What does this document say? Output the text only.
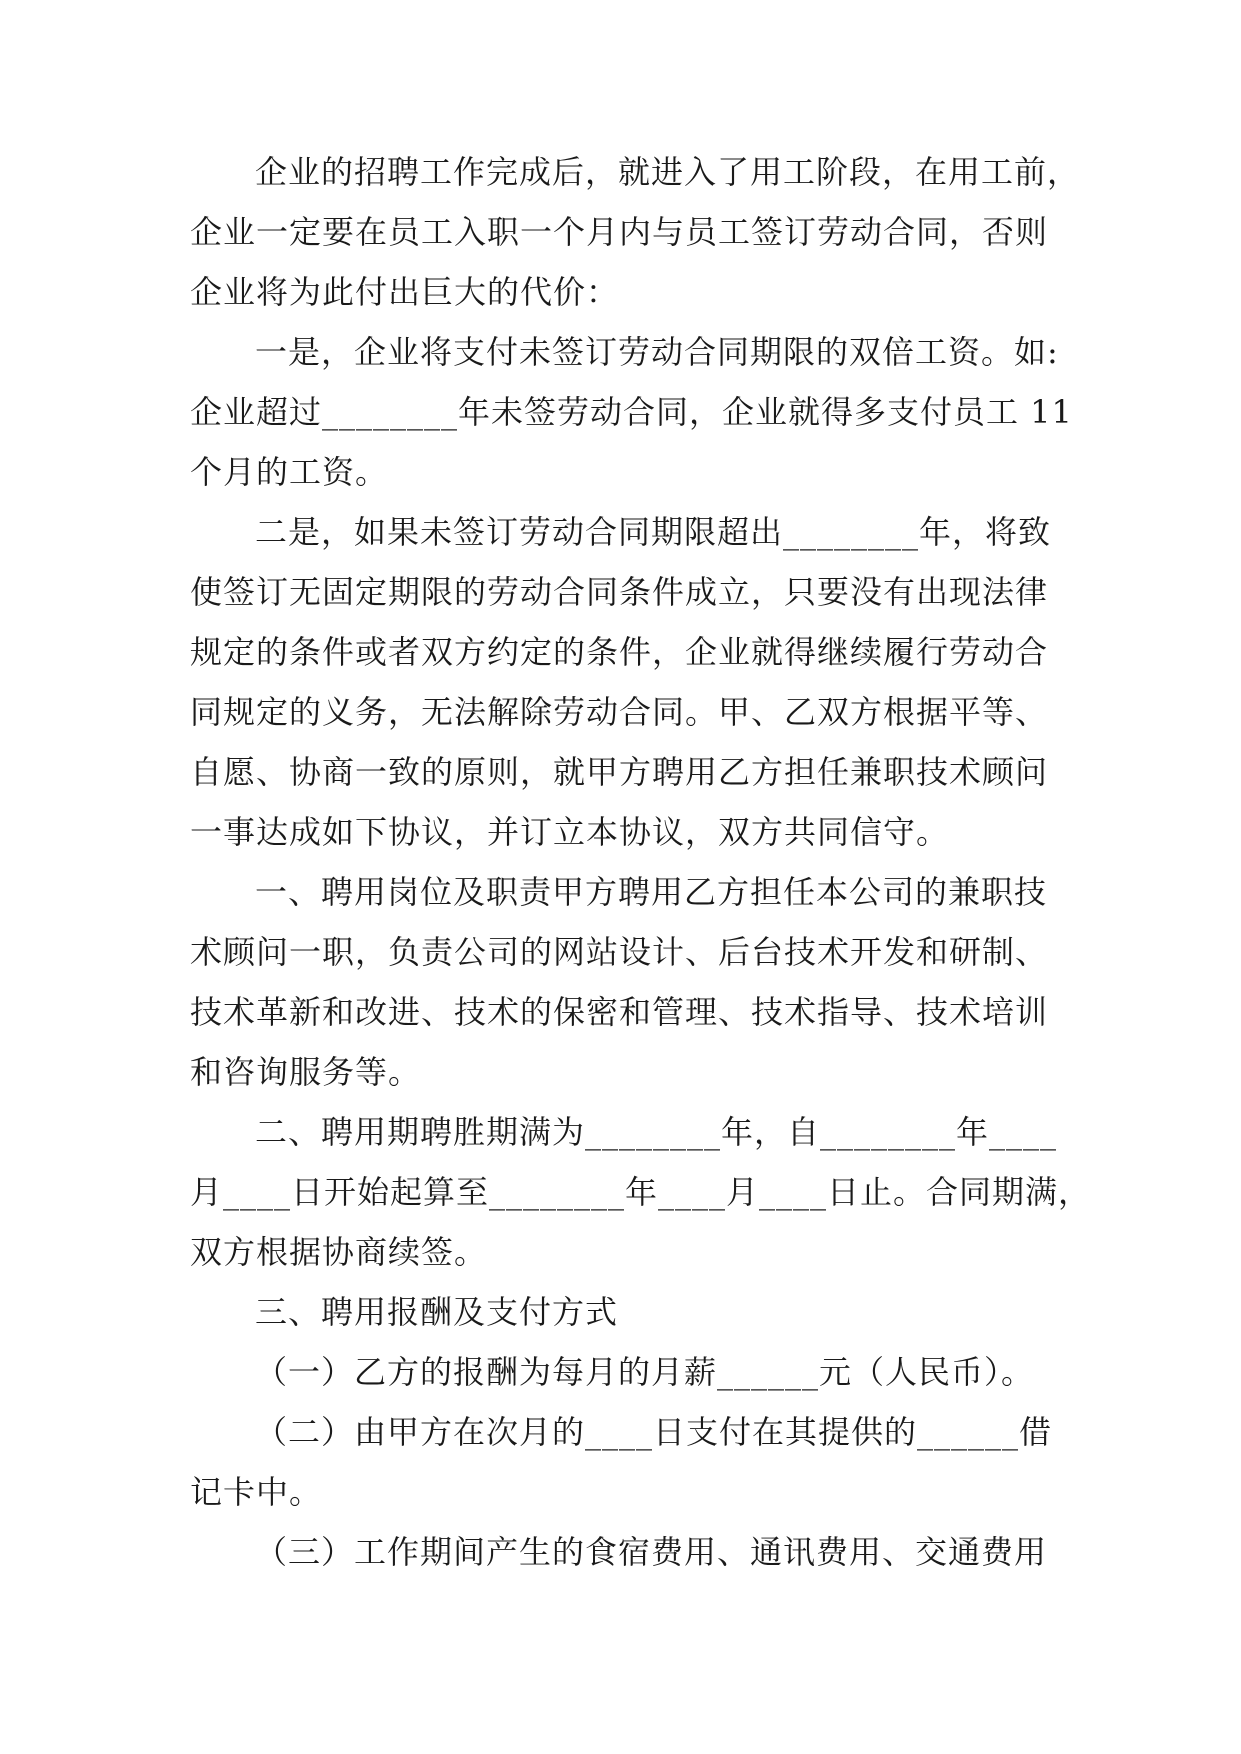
企业的招聘工作完成后，就进入了用工阶段，在用工前，
企业一定要在员工入职一个月内与员工签订劳动合同，否则
企业将为此付出巨大的代价：
一是，企业将支付未签订劳动合同期限的双倍工资。如:
企业超过________年未签劳动合同，企业就得多支付员工 11
个月的工资。
二是，如果未签订劳动合同期限超出________年，将致
使签订无固定期限的劳动合同条件成立，只要没有出现法律
规定的条件或者双方约定的条件，企业就得继续履行劳动合
同规定的义务，无法解除劳动合同。甲、乙双方根据平等、
自愿、协商一致的原则，就甲方聘用乙方担任兼职技术顾问
一事达成如下协议，并订立本协议，双方共同信守。
一、聘用岗位及职责甲方聘用乙方担任本公司的兼职技
术顾问一职，负责公司的网站设计、后台技术开发和研制、
技术革新和改进、技术的保密和管理、技术指导、技术培训
和咨询服务等。
二、聘用期聘胜期满为________年，自________年____
月____日开始起算至________年____月____日止。合同期满，
双方根据协商续签。
三、聘用报酬及支付方式
（一）乙方的报酬为每月的月薪______元（人民币）。
（二）由甲方在次月的____日支付在其提供的______借
记卡中。
（三）工作期间产生的食宿费用、通讯费用、交通费用
